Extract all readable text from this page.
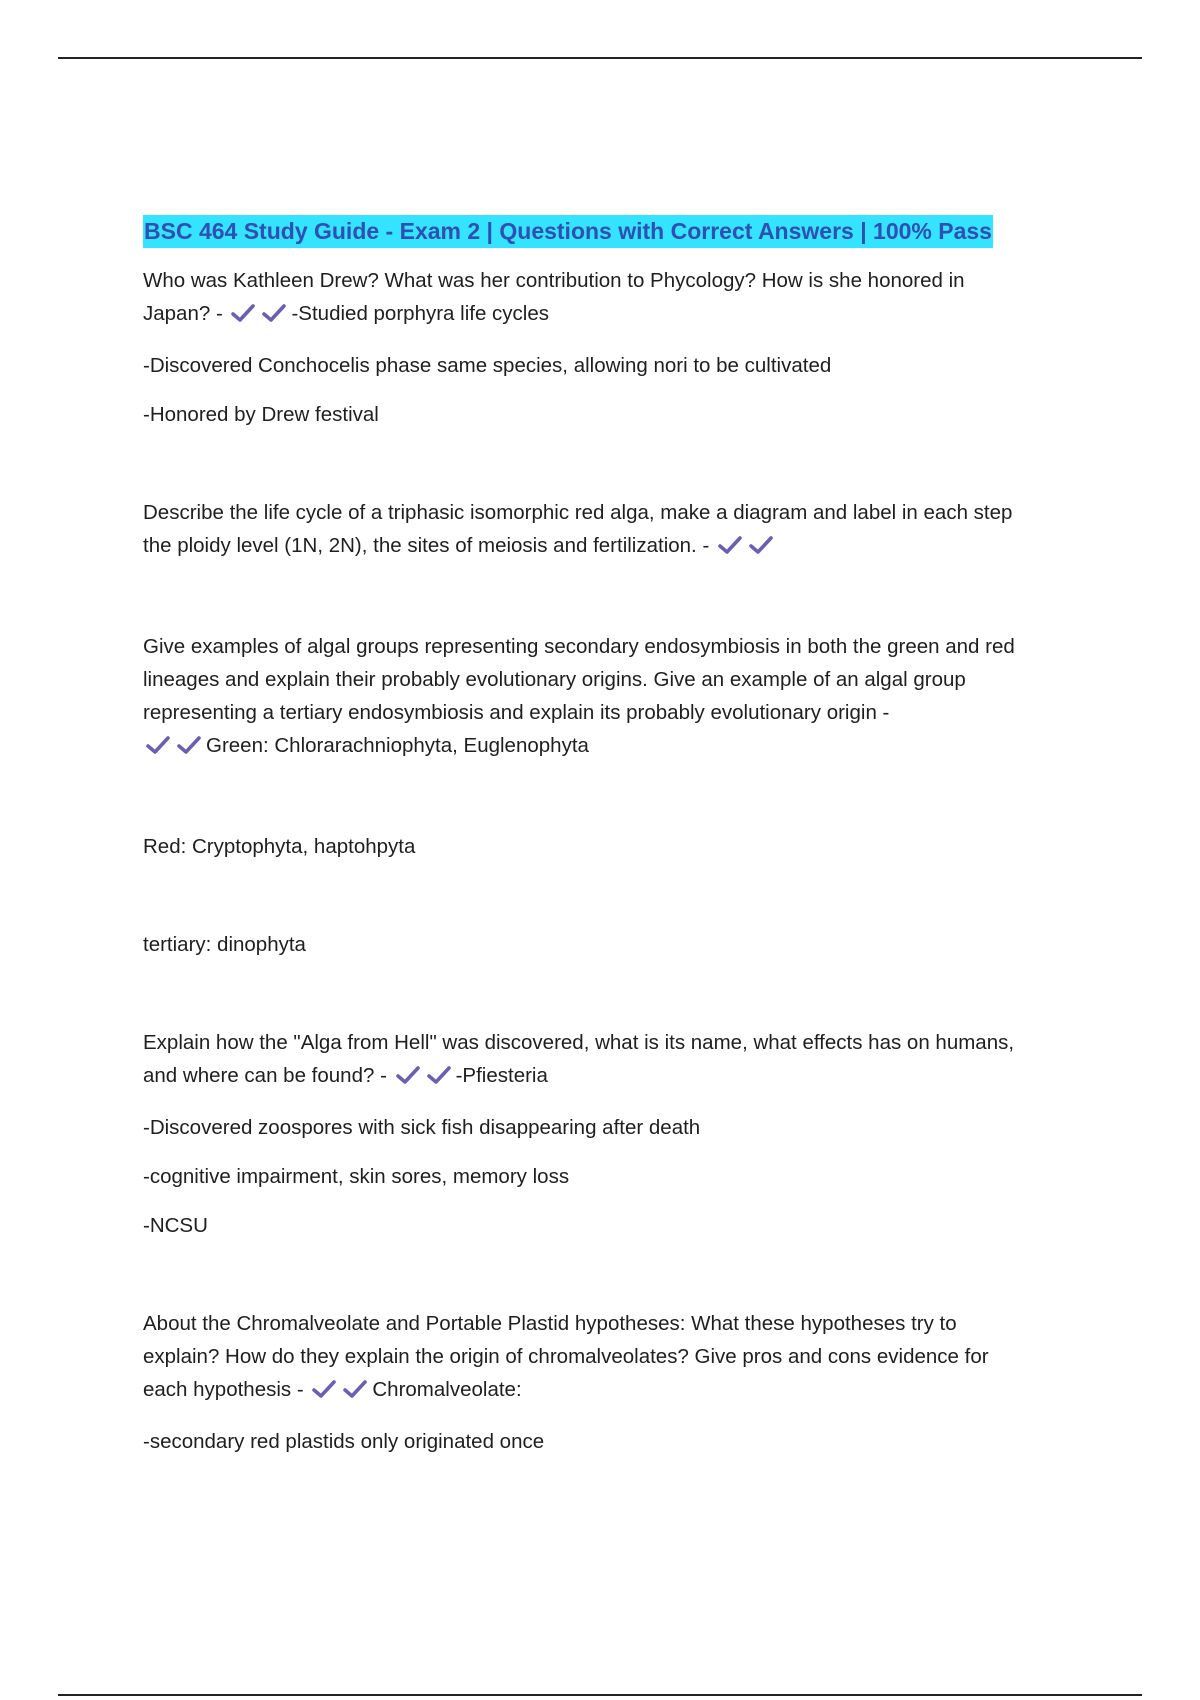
BSC 464 Study Guide - Exam 2 | Questions with Correct Answers | 100% Pass

Who was Kathleen Drew? What was her contribution to Phycology? How is she honored in

Japan? -	-Studied porphyra life cycles

-Discovered Conchocelis phase same species, allowing nori to be cultivated

-Honored by Drew festival

Describe the life cycle of a triphasic isomorphic red alga, make a diagram and label in each step

the ploidy level (1N, 2N), the sites of meiosis and fertilization. -

Give examples of algal groups representing secondary endosymbiosis in both the green and red

lineages and explain their probably evolutionary origins. Give an example of an algal group

representing a tertiary endosymbiosis and explain its probably evolutionary origin -

Green: Chlorarachniophyta, Euglenophyta

Red: Cryptophyta, haptohpyta

tertiary: dinophyta

Explain how the "Alga from Hell" was discovered, what is its name, what effects has on humans,

and where can be found? -	-Pfiesteria

-Discovered zoospores with sick fish disappearing after death

-cognitive impairment, skin sores, memory loss

-NCSU

About the Chromalveolate and Portable Plastid hypotheses: What these hypotheses try to

explain? How do they explain the origin of chromalveolates? Give pros and cons evidence for

each hypothesis -	Chromalveolate:

-secondary red plastids only originated once
